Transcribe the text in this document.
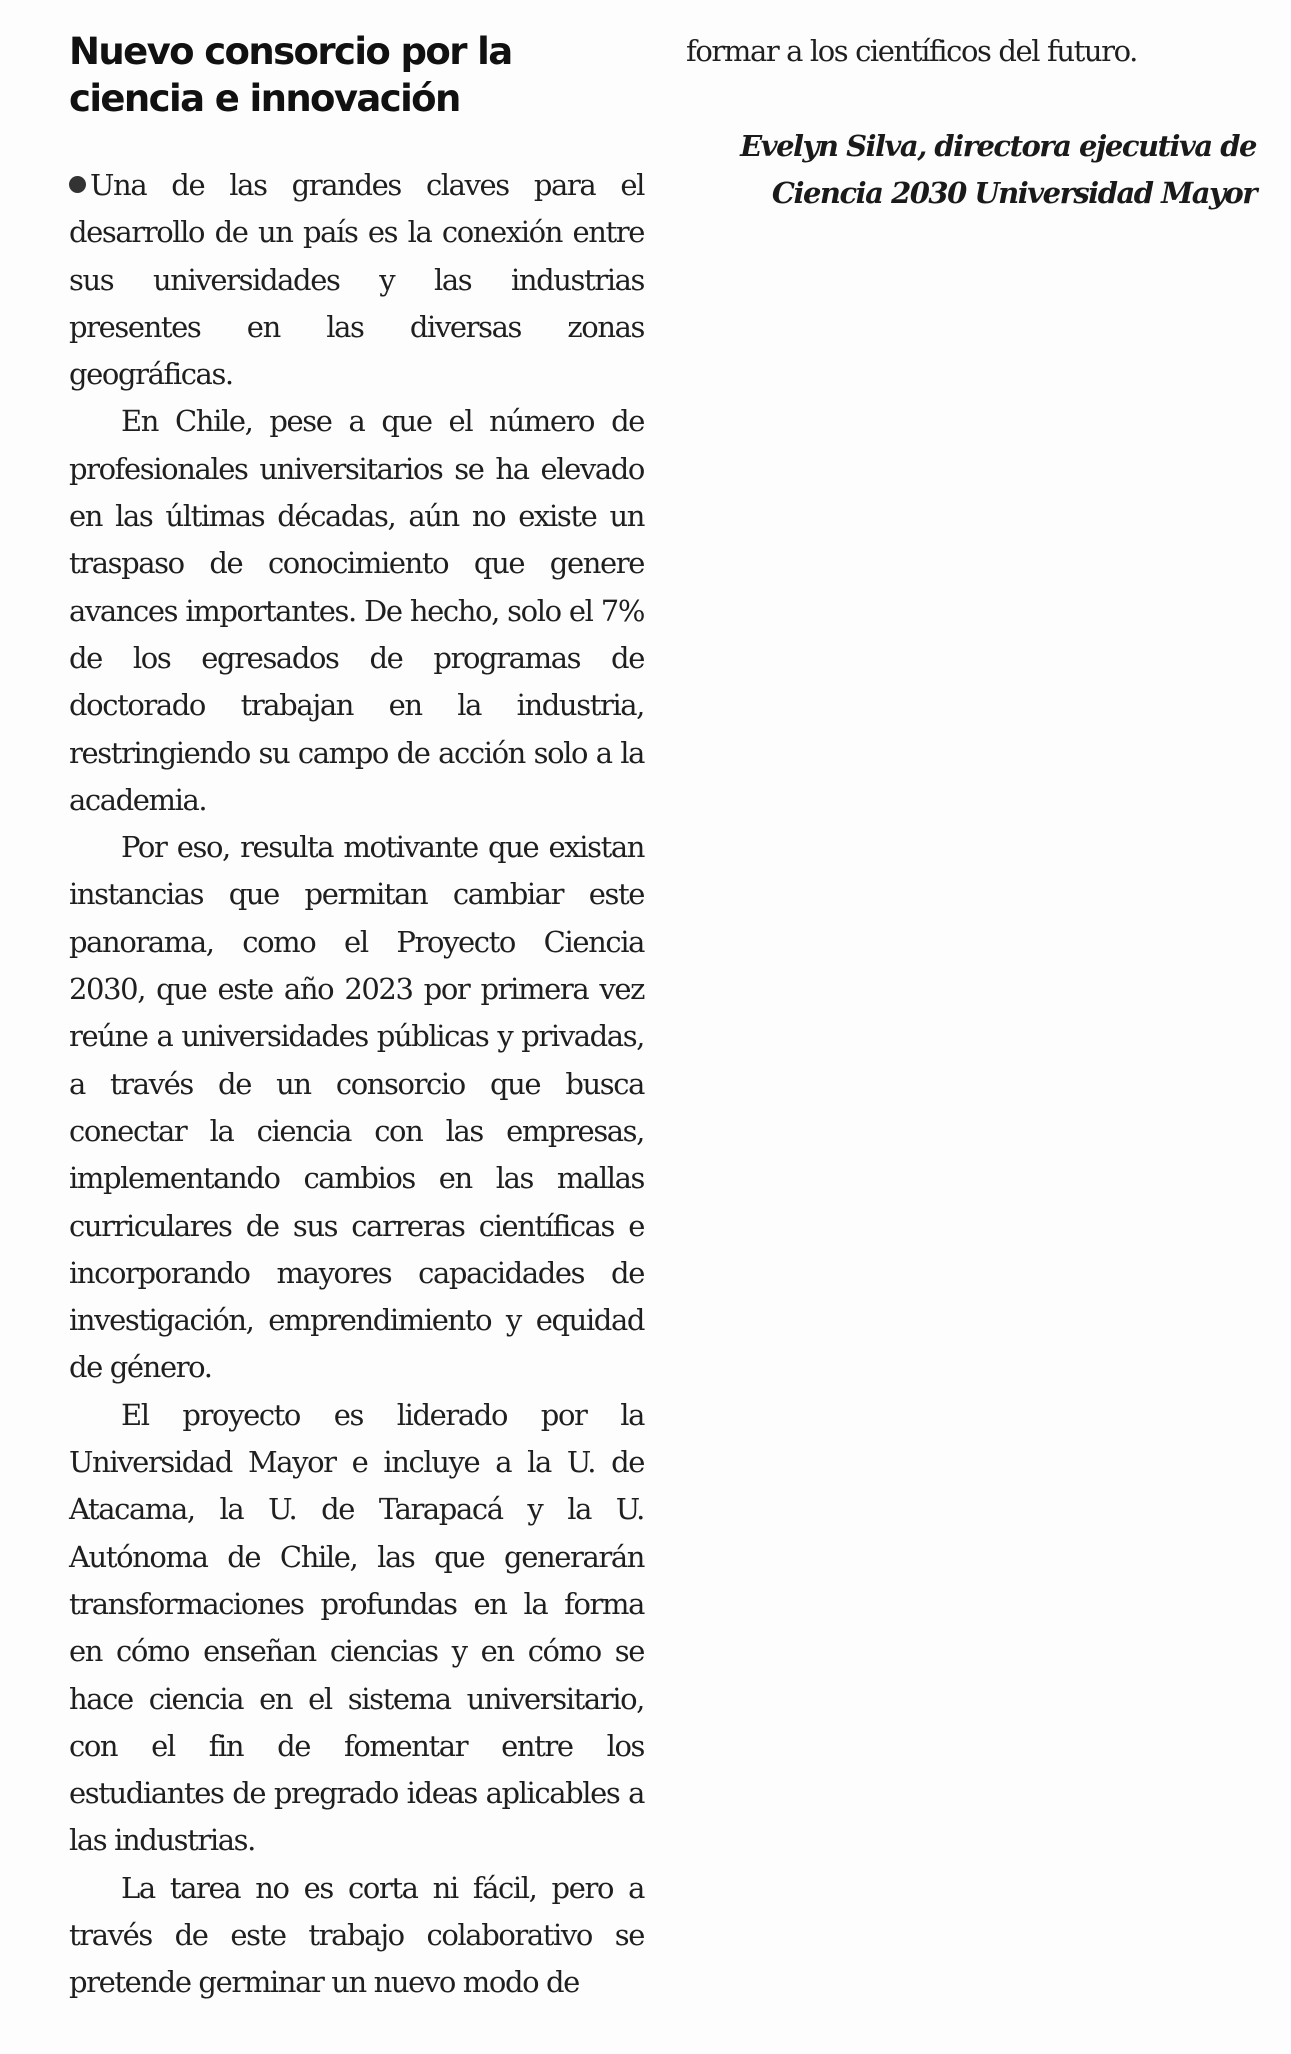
Nuevo consorcio por la ciencia e innovación

Una de las grandes claves para el desarrollo de un país es la conexión entre sus universidades y las industrias presentes en las diversas zonas geográficas.

En Chile, pese a que el número de profesionales universitarios se ha elevado en las últimas décadas, aún no existe un traspaso de conocimiento que genere avances importantes. De hecho, solo el 7% de los egresados de programas de doctorado trabajan en la industria, restringiendo su campo de acción solo a la academia.

Por eso, resulta motivante que existan instancias que permitan cambiar este panorama, como el Proyecto Ciencia 2030, que este año 2023 por primera vez reúne a universidades públicas y privadas, a través de un consorcio que busca conectar la ciencia con las empresas, implementando cambios en las mallas curriculares de sus carreras científicas e incorporando mayores capacidades de investigación, emprendimiento y equidad de género.

El proyecto es liderado por la Universidad Mayor e incluye a la U. de Atacama, la U. de Tarapacá y la U. Autónoma de Chile, las que generarán transformaciones profundas en la forma en cómo enseñan ciencias y en cómo se hace ciencia en el sistema universitario, con el fin de fomentar entre los estudiantes de pregrado ideas aplicables a las industrias.

La tarea no es corta ni fácil, pero a través de este trabajo colaborativo se pretende germinar un nuevo modo de

formar a los científicos del futuro.

Evelyn Silva, directora ejecutiva de
Ciencia 2030 Universidad Mayor
